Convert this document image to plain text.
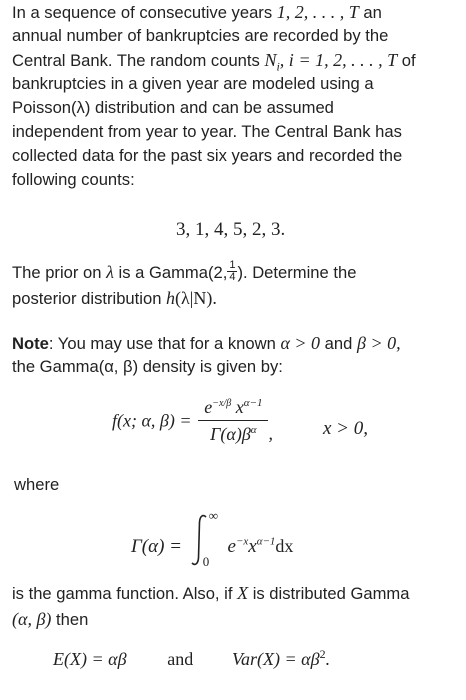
In a sequence of consecutive years 1, 2, . . . , T an
annual number of bankruptcies are recorded by the
Central Bank. The random counts $N_i$, i = 1, 2, . . . , T of
bankruptcies in a given year are modeled using a
Poisson(λ) distribution and can be assumed
independent from year to year. The Central Bank has
collected data for the past six years and recorded the
following counts:
3, 1, 4, 5, 2, 3.
The prior on λ is a Gamma(2, $\frac{1}{4}$ ). Determine the
posterior distribution h(λ|N).
Note: You may use that for a known α > 0 and β > 0,
the Gamma(α, β) density is given by:
f(x; α, $\beta) = \frac{e^{-x/\beta} x^{\alpha-1}}{\Gamma(\alpha)\beta^\alpha}$ ,	x > 0,
where
Γ(α) =
∞
0
$e^{-x}x^{\alpha-1}dx$
is the gamma function. Also, if X is distributed Gamma
(α, β) then
E(X) = αβ and $Var(X) = \alpha\beta^2$.
